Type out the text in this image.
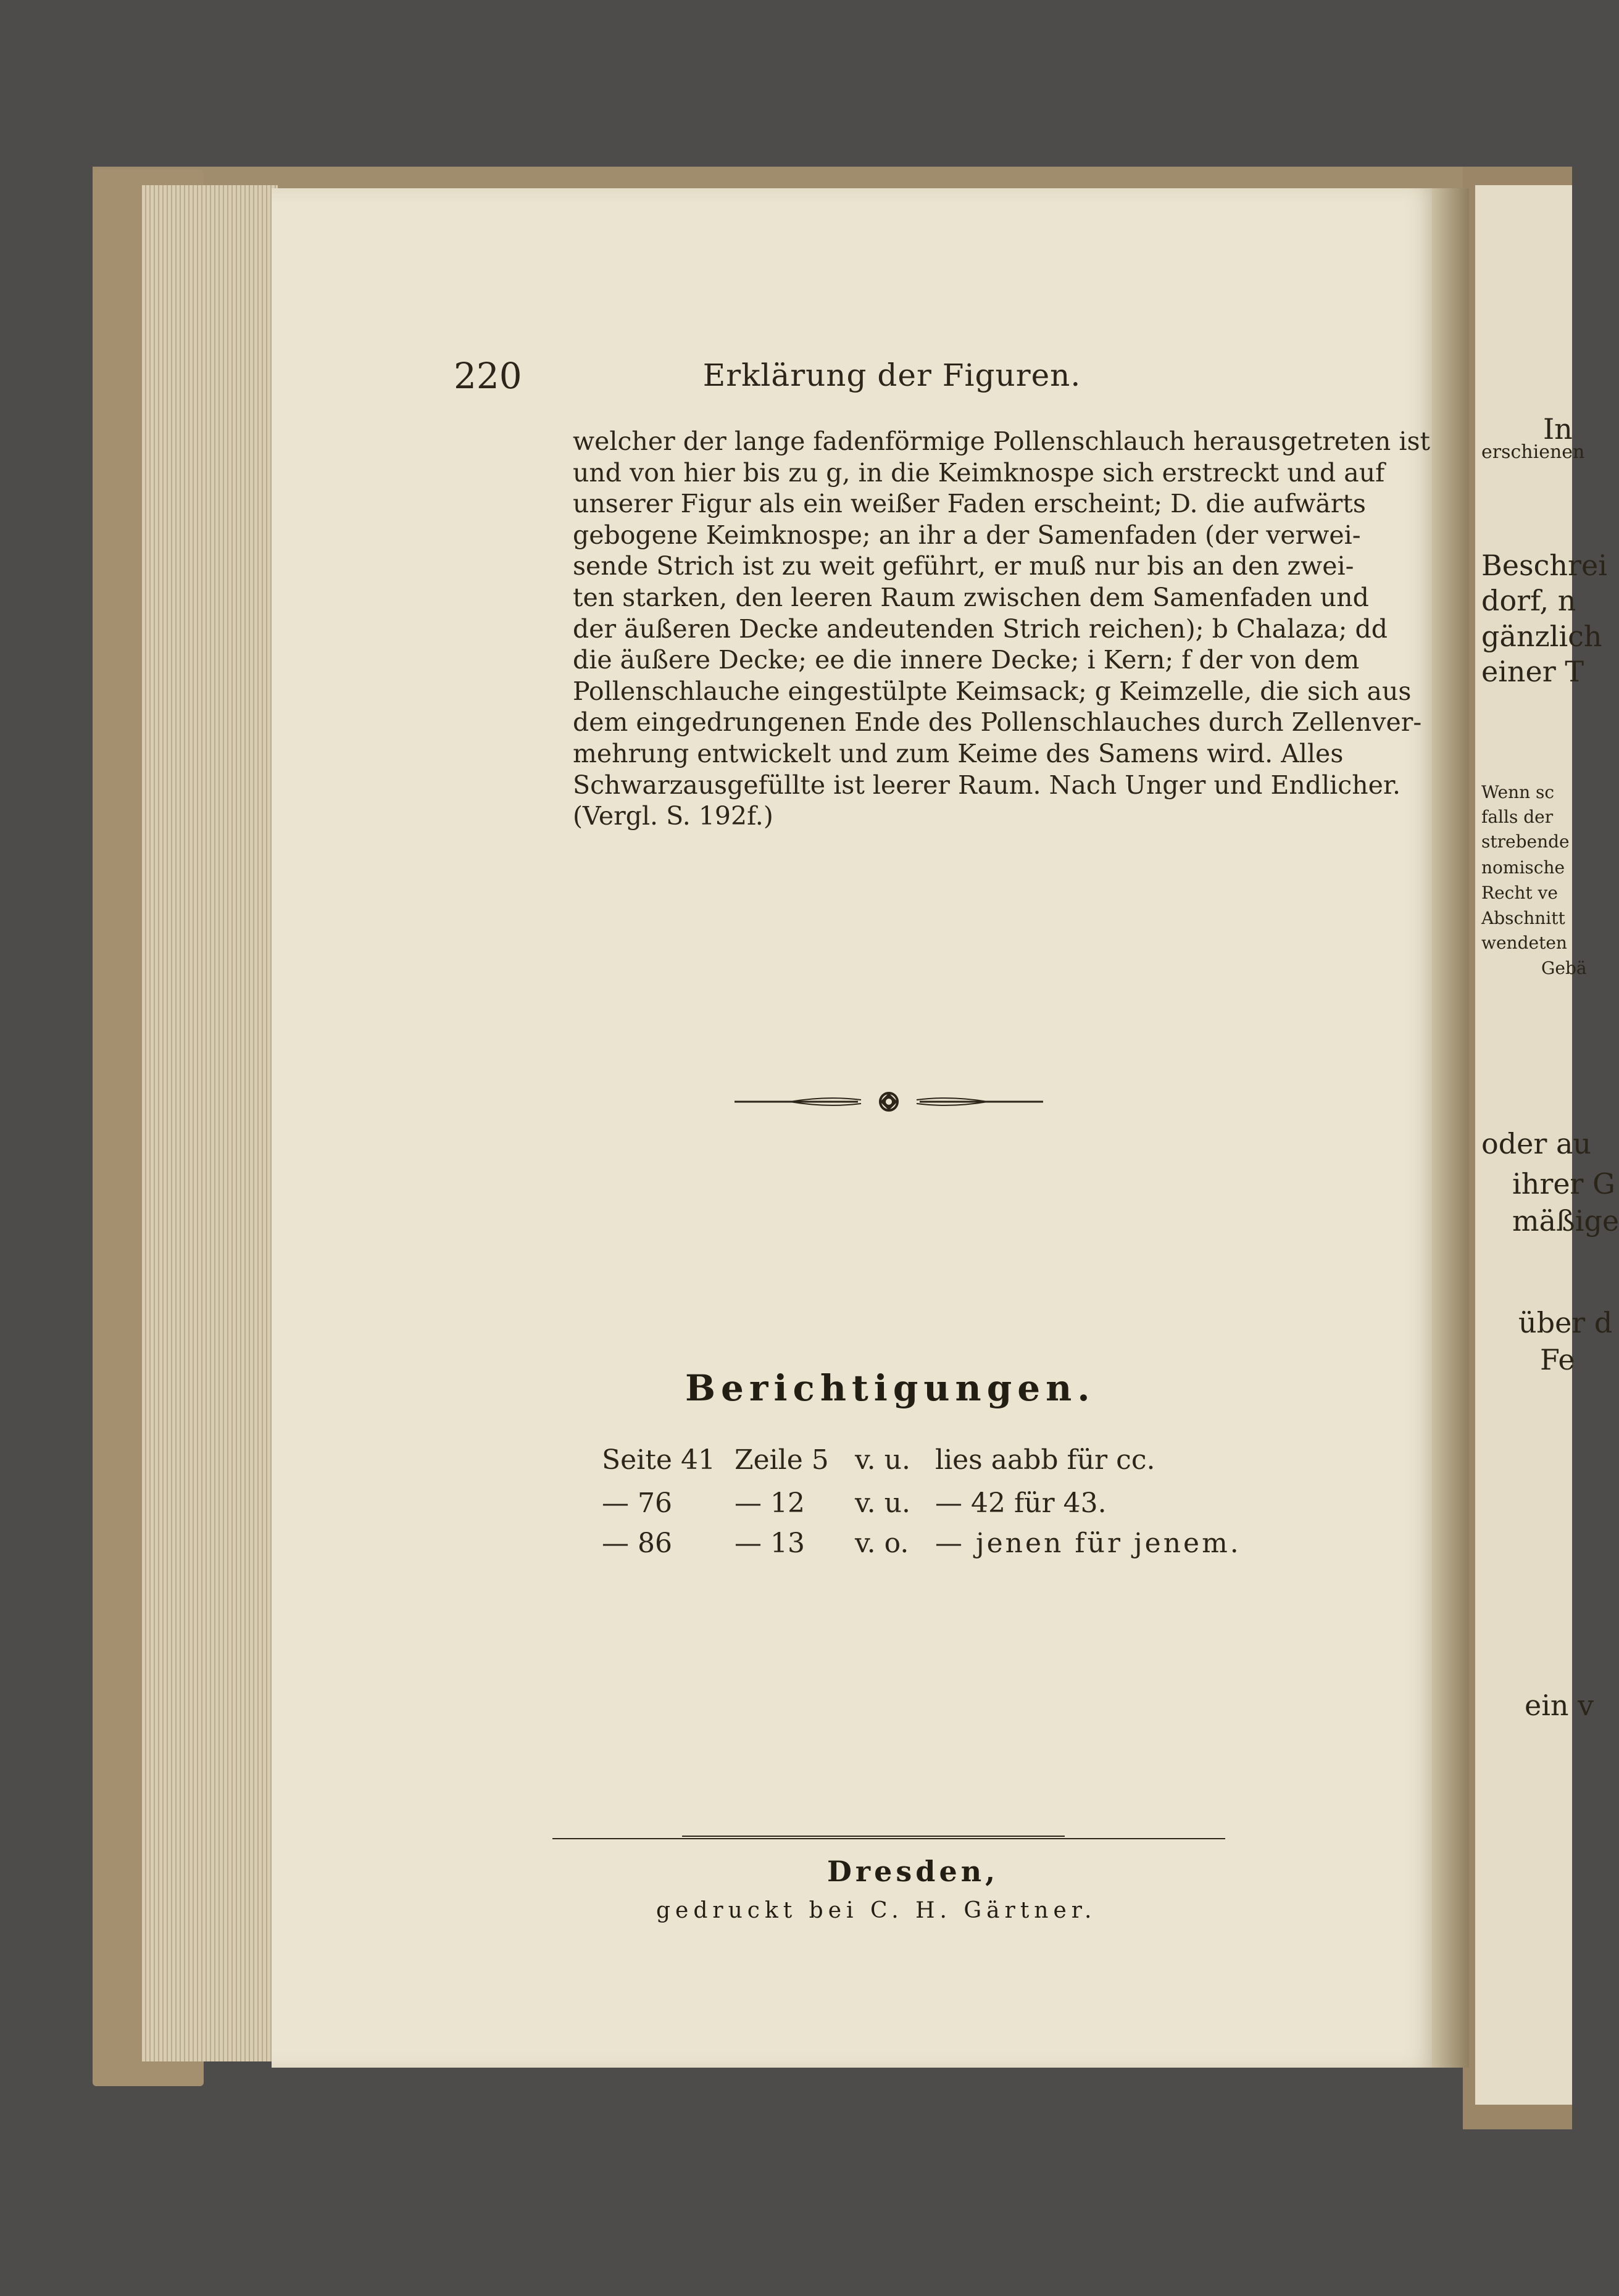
In
erschienen
Beschrei
dorf, n
gänzlich
einer T
Wenn sc
falls der
strebende
nomische
Recht ve
Abschnitt
wendeten
Gebä
oder au
ihrer G
mäßige
über d
Fe
ein v
220	Erklärung der Figuren.
welcher der lange fadenförmige Pollenschlauch herausgetreten ist
und von hier bis zu g, in die Keimknospe sich erstreckt und auf
unserer Figur als ein weißer Faden erscheint; D. die aufwärts
gebogene Keimknospe; an ihr a der Samenfaden (der verwei-
sende Strich ist zu weit geführt, er muß nur bis an den zwei-
ten starken, den leeren Raum zwischen dem Samenfaden und
der äußeren Decke andeutenden Strich reichen); b Chalaza; dd
die äußere Decke; ee die innere Decke; i Kern; f der von dem
Pollenschlauche eingestülpte Keimsack; g Keimzelle, die sich aus
dem eingedrungenen Ende des Pollenschlauches durch Zellenver-
mehrung entwickelt und zum Keime des Samens wird. Alles
Schwarzausgefüllte ist leerer Raum. Nach Unger und Endlicher.
(Vergl. S. 192f.)
Berichtigungen.
Seite 41 Zeile 5 v. u. lies aabb für cc.
— 76 — 12 v. u. — 42 für 43.
— 86 — 13 v. o. — jenen für jenem.
Dresden,
gedruckt bei C. H. Gärtner.
